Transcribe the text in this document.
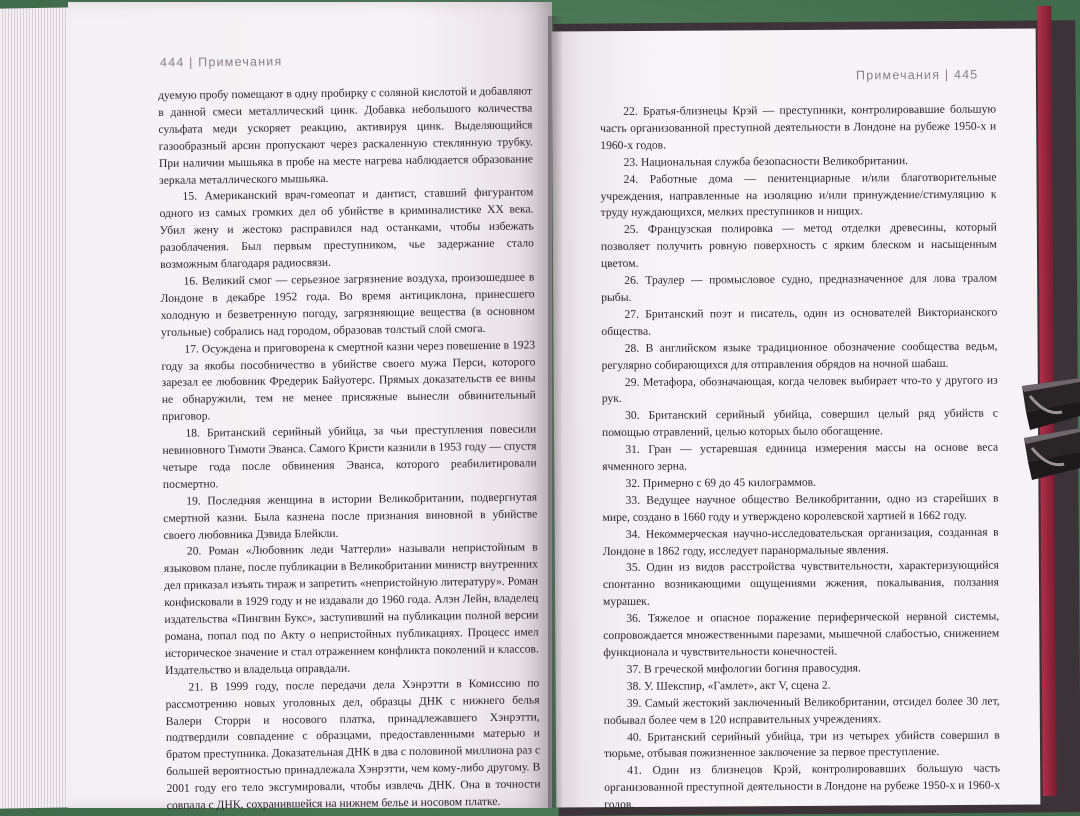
444 | Примечания
Примечания | 445

дуемую пробу помещают в одну пробирку с соляной кислотой и добавляют в данной смеси металлический цинк. Добавка небольшого количества сульфата меди ускоряет реакцию, активируя цинк. Выделяющийся газообразный арсин пропускают через раскаленную стеклянную трубку. При наличии мышьяка в пробе на месте нагрева наблюдается образование зеркала металлического мышьяка.

15. Американский врач-гомеопат и дантист, ставший фигурантом одного из самых громких дел об убийстве в криминалистике XX века. Убил жену и жестоко расправился над останками, чтобы избежать разоблачения. Был первым преступником, чье задержание стало возможным благодаря радиосвязи.

16. Великий смог — серьезное загрязнение воздуха, произошедшее в Лондоне в декабре 1952 года. Во время антициклона, принесшего холодную и безветренную погоду, загрязняющие вещества (в основном угольные) собрались над городом, образовав толстый слой смога.

17. Осуждена и приговорена к смертной казни через повешение в 1923 году за якобы пособничество в убийстве своего мужа Перси, которого зарезал ее любовник Фредерик Байуотерс. Прямых доказательств ее вины не обнаружили, тем не менее присяжные вынесли обвинительный приговор.

18. Британский серийный убийца, за чьи преступления повесили невиновного Тимоти Эванса. Самого Кристи казнили в 1953 году — спустя четыре года после обвинения Эванса, которого реабилитировали посмертно.

19. Последняя женщина в истории Великобритании, подвергнутая смертной казни. Была казнена после признания виновной в убийстве своего любовника Дэвида Блейкли.

20. Роман «Любовник леди Чаттерли» называли непристойным в языковом плане, после публикации в Великобритании министр внутренних дел приказал изъять тираж и запретить «непристойную литературу». Роман конфисковали в 1929 году и не издавали до 1960 года. Алэн Лейн, владелец издательства «Пингвин Букс», заступивший на публикации полной версии романа, попал под по Акту о непристойных публикациях. Процесс имел историческое значение и стал отражением конфликта поколений и классов. Издательство и владельца оправдали.

21. В 1999 году, после передачи дела Хэнрэтти в Комиссию по рассмотрению новых уголовных дел, образцы ДНК с нижнего белья Валери Сторри и носового платка, принадлежавшего Хэнрэтти, подтвердили совпадение с образцами, предоставленными матерью и братом преступника. Доказательная ДНК в два с половиной миллиона раз с большей вероятностью принадлежала Хэнрэтти, чем кому-либо другому. В 2001 году его тело эксгумировали, чтобы извлечь ДНК. Она в точности совпала с ДНК, сохранившейся на нижнем белье и носовом платке.

22. Братья-близнецы Крэй — преступники, контролировавшие большую часть организованной преступной деятельности в Лондоне на рубеже 1950-х и 1960-х годов.

23. Национальная служба безопасности Великобритании.

24. Работные дома — пенитенциарные и/или благотворительные учреждения, направленные на изоляцию и/или принуждение/стимуляцию к труду нуждающихся, мелких преступников и нищих.

25. Французская полировка — метод отделки древесины, который позволяет получить ровную поверхность с ярким блеском и насыщенным цветом.

26. Траулер — промысловое судно, предназначенное для лова тралом рыбы.

27. Британский поэт и писатель, один из основателей Викторианского общества.

28. В английском языке традиционное обозначение сообщества ведьм, регулярно собирающихся для отправления обрядов на ночной шабаш.

29. Метафора, обозначающая, когда человек выбирает что-то у другого из рук.

30. Британский серийный убийца, совершил целый ряд убийств с помощью отравлений, целью которых было обогащение.

31. Гран — устаревшая единица измерения массы на основе веса ячменного зерна.

32. Примерно с 69 до 45 килограммов.

33. Ведущее научное общество Великобритании, одно из старейших в мире, создано в 1660 году и утверждено королевской хартией в 1662 году.

34. Некоммерческая научно-исследовательская организация, созданная в Лондоне в 1862 году, исследует паранормальные явления.

35. Один из видов расстройства чувствительности, характеризующийся спонтанно возникающими ощущениями жжения, покалывания, ползания мурашек.

36. Тяжелое и опасное поражение периферической нервной системы, сопровождается множественными парезами, мышечной слабостью, снижением функционала и чувствительности конечностей.

37. В греческой мифологии богиня правосудия.

38. У. Шекспир, «Гамлет», акт V, сцена 2.

39. Самый жестокий заключенный Великобритании, отсидел более 30 лет, побывал более чем в 120 исправительных учреждениях.

40. Британский серийный убийца, три из четырех убийств совершил в тюрьме, отбывая пожизненное заключение за первое преступление.

41. Один из близнецов Крэй, контролировавших большую часть организованной преступной деятельности в Лондоне на рубеже 1950-х и 1960-х годов.
